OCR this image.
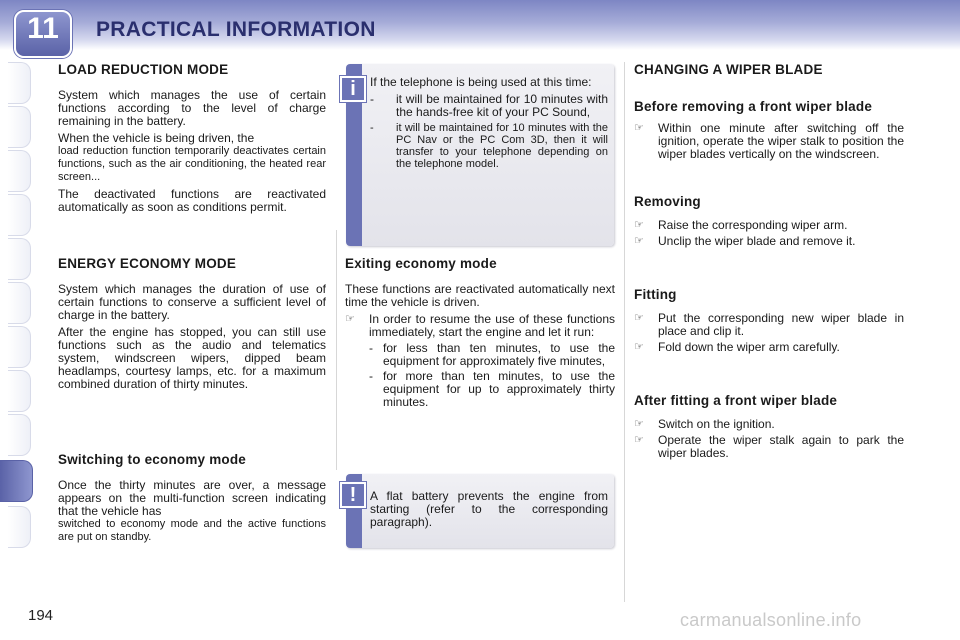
11	PRACTICAL INFORMATION
LOAD REDUCTION MODE

System which manages the use of certain functions according to the level of charge remaining in the battery.

When the vehicle is being driven, the

load reduction function temporarily deactivates certain functions, such as the air conditioning, the heated rear screen...

The deactivated functions are reactivated automatically as soon as conditions permit.

ENERGY ECONOMY MODE

System which manages the duration of use of certain functions to conserve a sufficient level of charge in the battery.

After the engine has stopped, you can still use functions such as the audio and telematics system, windscreen wipers, dipped beam headlamps, courtesy lamps, etc. for a maximum combined duration of thirty minutes.

Switching to economy mode

Once the thirty minutes are over, a message appears on the multi-function screen indicating that the vehicle has

switched to economy mode and the active functions are put on standby.

If the telephone is being used at this time:
- it will be maintained for 10 minutes with the hands-free kit of your PC Sound,
- it will be maintained for 10 minutes with the PC Nav or the PC Com 3D, then it will transfer to your telephone depending on the telephone model.
i
Exiting economy mode

These functions are reactivated automatically next time the vehicle is driven.

☞ In order to resume the use of these functions immediately, start the engine and let it run:
- for less than ten minutes, to use the equipment for approximately five minutes,
- for more than ten minutes, to use the equipment for up to approximately thirty minutes.
A flat battery prevents the engine from starting (refer to the corresponding paragraph).
!
CHANGING A WIPER BLADE
Before removing a front wiper blade
☞ Within one minute after switching off the ignition, operate the wiper stalk to position the wiper blades vertically on the windscreen.
Removing
☞ Raise the corresponding wiper arm.
☞ Unclip the wiper blade and remove it.
Fitting
☞ Put the corresponding new wiper blade in place and clip it.
☞ Fold down the wiper arm carefully.
After fitting a front wiper blade
☞ Switch on the ignition.
☞ Operate the wiper stalk again to park the wiper blades.
194	carmanualsonline.info
